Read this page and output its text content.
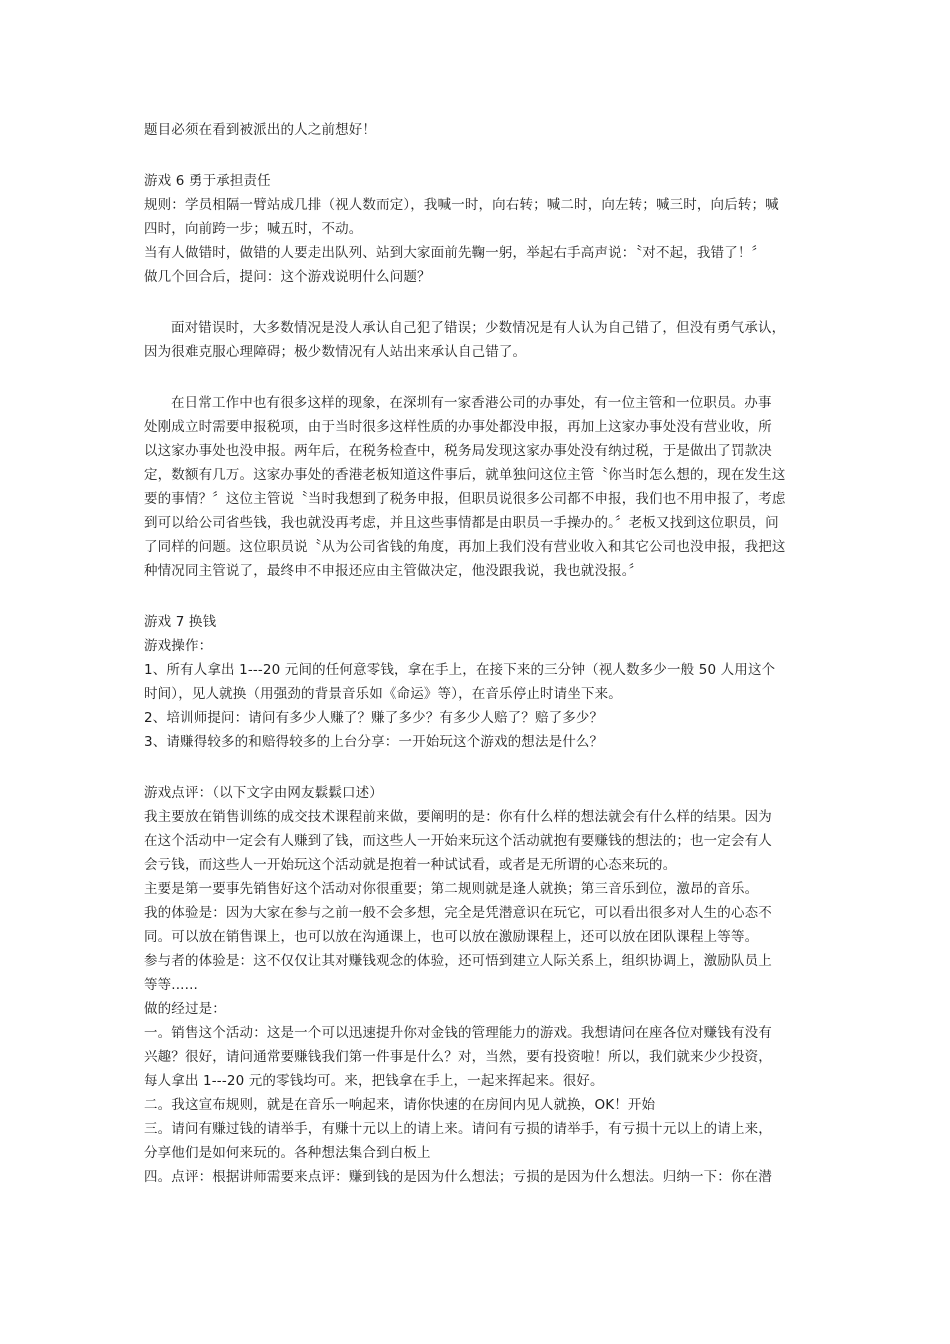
题目必须在看到被派出的人之前想好！
游戏 6 勇于承担责任
规则：学员相隔一臂站成几排（视人数而定），我喊一时，向右转；喊二时，向左转；喊三时，向后转；喊
四时，向前跨一步；喊五时，不动。
当有人做错时，做错的人要走出队列、站到大家面前先鞠一躬，举起右手高声说：〝对不起，我错了！〞
做几个回合后，提问：这个游戏说明什么问题？
面对错误时，大多数情况是没人承认自己犯了错误；少数情况是有人认为自己错了，但没有勇气承认，
因为很难克服心理障碍；极少数情况有人站出来承认自己错了。
在日常工作中也有很多这样的现象，在深圳有一家香港公司的办事处，有一位主管和一位职员。办事
处刚成立时需要申报税项，由于当时很多这样性质的办事处都没申报，再加上这家办事处没有营业收，所
以这家办事处也没申报。两年后，在税务检查中，税务局发现这家办事处没有纳过税，于是做出了罚款决
定，数额有几万。这家办事处的香港老板知道这件事后，就单独问这位主管〝你当时怎么想的，现在发生这
要的事情？〞这位主管说〝当时我想到了税务申报，但职员说很多公司都不申报，我们也不用申报了，考虑
到可以给公司省些钱，我也就没再考虑，并且这些事情都是由职员一手操办的。〞老板又找到这位职员，问
了同样的问题。这位职员说〝从为公司省钱的角度，再加上我们没有营业收入和其它公司也没申报，我把这
种情况同主管说了，最终申不申报还应由主管做决定，他没跟我说，我也就没报。〞
游戏 7 换钱
游戏操作：
1、所有人拿出 1---20 元间的任何意零钱，拿在手上，在接下来的三分钟（视人数多少一般 50 人用这个
时间），见人就换（用强劲的背景音乐如《命运》等），在音乐停止时请坐下来。
2、培训师提问：请问有多少人赚了？赚了多少？有多少人赔了？赔了多少？
3、请赚得较多的和赔得较多的上台分享：一开始玩这个游戏的想法是什么？
游戏点评：（以下文字由网友鬏鬏口述）
我主要放在销售训练的成交技术课程前来做，要阐明的是：你有什么样的想法就会有什么样的结果。因为
在这个活动中一定会有人赚到了钱，而这些人一开始来玩这个活动就抱有要赚钱的想法的；也一定会有人
会亏钱，而这些人一开始玩这个活动就是抱着一种试试看，或者是无所谓的心态来玩的。
主要是第一要事先销售好这个活动对你很重要；第二规则就是逢人就换；第三音乐到位，激昂的音乐。
我的体验是：因为大家在参与之前一般不会多想，完全是凭潜意识在玩它，可以看出很多对人生的心态不
同。可以放在销售课上，也可以放在沟通课上，也可以放在激励课程上，还可以放在团队课程上等等。
参与者的体验是：这不仅仅让其对赚钱观念的体验，还可悟到建立人际关系上，组织协调上，激励队员上
等等......
做的经过是：
一。销售这个活动：这是一个可以迅速提升你对金钱的管理能力的游戏。我想请问在座各位对赚钱有没有
兴趣？很好，请问通常要赚钱我们第一件事是什么？对，当然，要有投资啦！所以，我们就来少少投资，
每人拿出 1---20 元的零钱均可。来，把钱拿在手上，一起来挥起来。很好。
二。我这宣布规则，就是在音乐一响起来，请你快速的在房间内见人就换，OK！开始
三。请问有赚过钱的请举手，有赚十元以上的请上来。请问有亏损的请举手，有亏损十元以上的请上来，
分享他们是如何来玩的。各种想法集合到白板上
四。点评：根据讲师需要来点评：赚到钱的是因为什么想法；亏损的是因为什么想法。归纳一下：你在潜
